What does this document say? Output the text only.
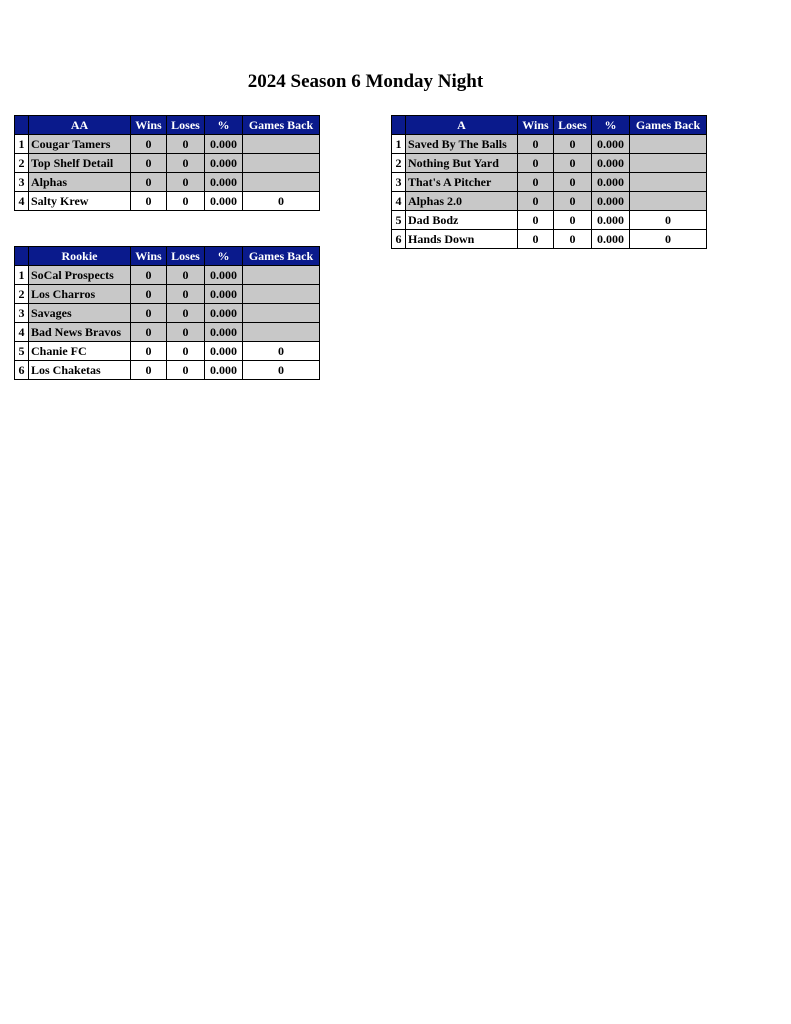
2024 Season 6 Monday Night
	AA	Wins	Loses	%	Games Back
1	Cougar Tamers	0	0	0.000	
2	Top Shelf Detail	0	0	0.000	
3	Alphas	0	0	0.000	
4	Salty Krew	0	0	0.000	0
	A	Wins	Loses	%	Games Back
1	Saved By The Balls	0	0	0.000	
2	Nothing But Yard	0	0	0.000	
3	That's A Pitcher	0	0	0.000	
4	Alphas 2.0	0	0	0.000	
5	Dad Bodz	0	0	0.000	0
6	Hands Down	0	0	0.000	0
	Rookie	Wins	Loses	%	Games Back
1	SoCal Prospects	0	0	0.000	
2	Los Charros	0	0	0.000	
3	Savages	0	0	0.000	
4	Bad News Bravos	0	0	0.000	
5	Chanie FC	0	0	0.000	0
6	Los Chaketas	0	0	0.000	0
